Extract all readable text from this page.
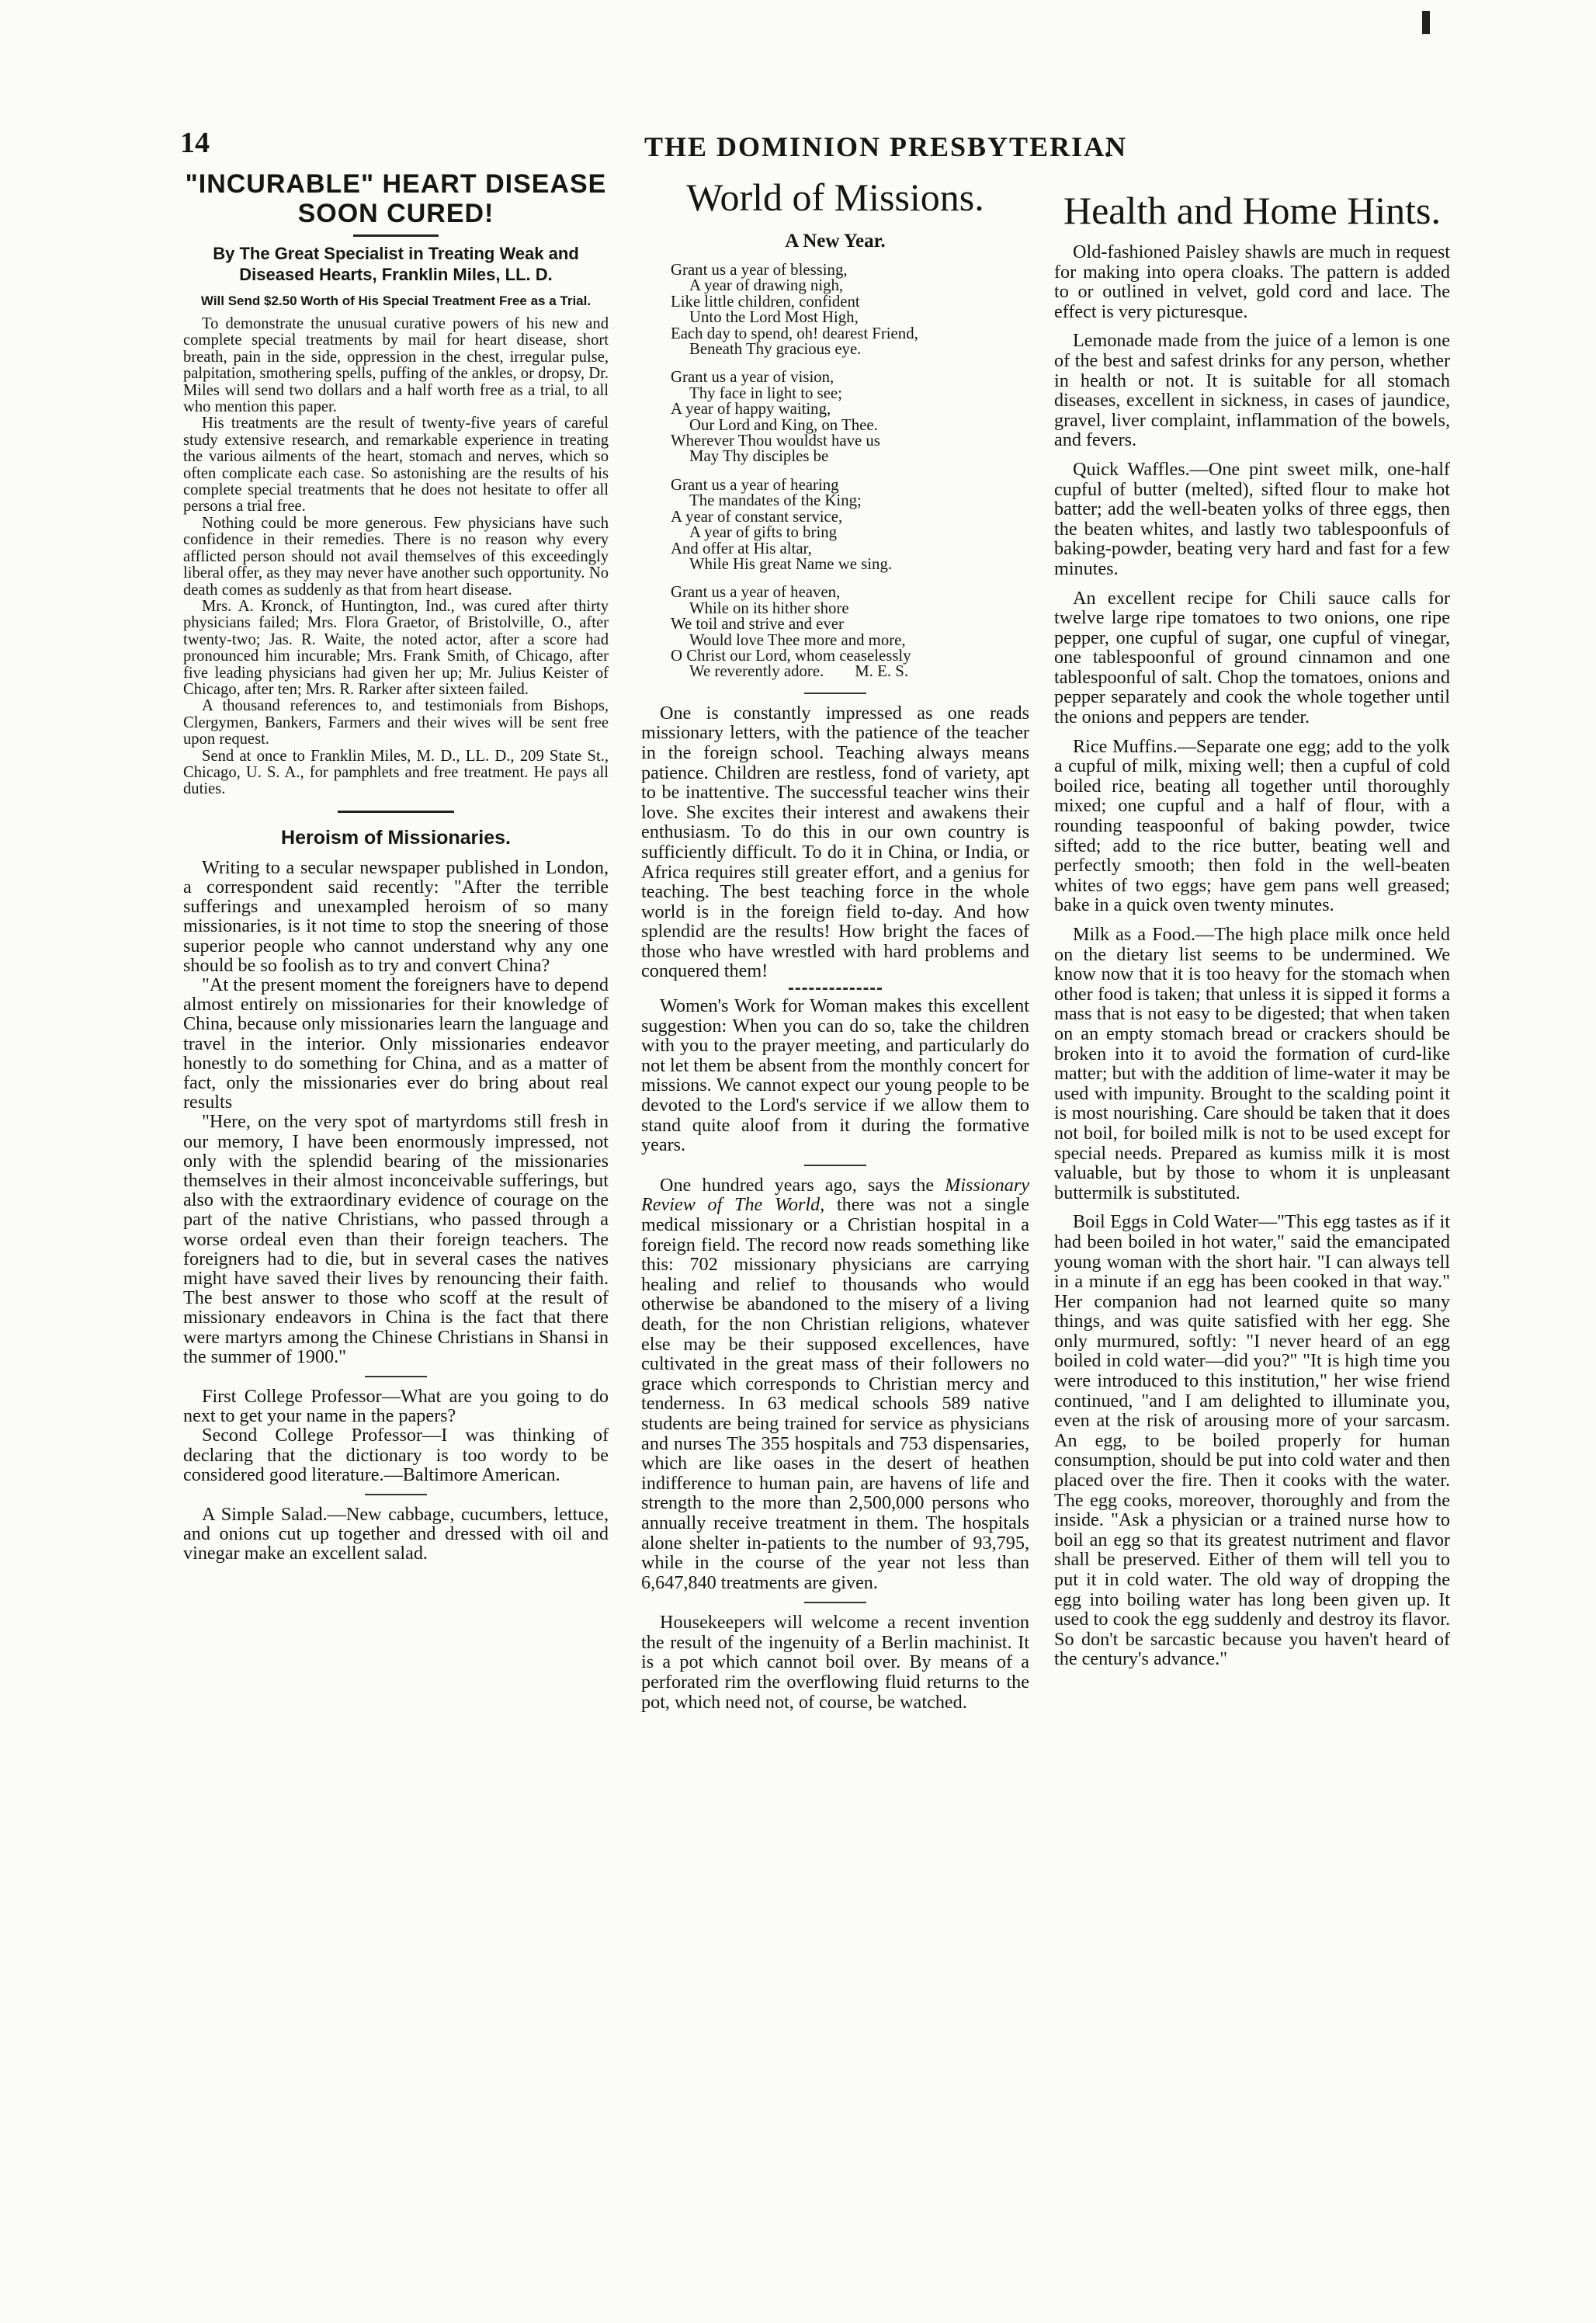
14	THE DOMINION PRESBYTERIAN
"INCURABLE" HEART DISEASE SOON CURED!
By The Great Specialist in Treating Weak and Diseased Hearts, Franklin Miles, LL. D.
Will Send $2.50 Worth of His Special Treatment Free as a Trial.

To demonstrate the unusual curative powers of his new and complete special treatments by mail for heart disease, short breath, pain in the side, oppression in the chest, irregular pulse, palpitation, smothering spells, puffing of the ankles, or dropsy, Dr. Miles will send two dollars and a half worth free as a trial, to all who mention this paper.

His treatments are the result of twenty-five years of careful study extensive research, and remarkable experience in treating the various ailments of the heart, stomach and nerves, which so often complicate each case. So astonishing are the results of his complete special treatments that he does not hesitate to offer all persons a trial free.

Nothing could be more generous. Few physicians have such confidence in their remedies. There is no reason why every afflicted person should not avail themselves of this exceedingly liberal offer, as they may never have another such opportunity. No death comes as suddenly as that from heart disease.

Mrs. A. Kronck, of Huntington, Ind., was cured after thirty physicians failed; Mrs. Flora Graetor, of Bristolville, O., after twenty-two; Jas. R. Waite, the noted actor, after a score had pronounced him incurable; Mrs. Frank Smith, of Chicago, after five leading physicians had given her up; Mr. Julius Keister of Chicago, after ten; Mrs. R. Rarker after sixteen failed.

A thousand references to, and testimonials from Bishops, Clergymen, Bankers, Farmers and their wives will be sent free upon request.

Send at once to Franklin Miles, M. D., LL. D., 209 State St., Chicago, U. S. A., for pamphlets and free treatment. He pays all duties.

Heroism of Missionaries.

Writing to a secular newspaper published in London, a correspondent said recently: "After the terrible sufferings and unexampled heroism of so many missionaries, is it not time to stop the sneering of those superior people who cannot understand why any one should be so foolish as to try and convert China?

"At the present moment the foreigners have to depend almost entirely on missionaries for their knowledge of China, because only missionaries learn the language and travel in the interior. Only missionaries endeavor honestly to do something for China, and as a matter of fact, only the missionaries ever do bring about real results

"Here, on the very spot of martyrdoms still fresh in our memory, I have been enormously impressed, not only with the splendid bearing of the missionaries themselves in their almost inconceivable sufferings, but also with the extraordinary evidence of courage on the part of the native Christians, who passed through a worse ordeal even than their foreign teachers. The foreigners had to die, but in several cases the natives might have saved their lives by renouncing their faith. The best answer to those who scoff at the result of missionary endeavors in China is the fact that there were martyrs among the Chinese Christians in Shansi in the summer of 1900."

First College Professor—What are you going to do next to get your name in the papers?

Second College Professor—I was thinking of declaring that the dictionary is too wordy to be considered good literature.—Baltimore American.

A Simple Salad.—New cabbage, cucumbers, lettuce, and onions cut up together and dressed with oil and vinegar make an excellent salad.

World of Missions.
A New Year.

Grant us a year of blessing,

A year of drawing nigh,

Like little children, confident

Unto the Lord Most High,

Each day to spend, oh! dearest Friend,

Beneath Thy gracious eye.

Grant us a year of vision,

Thy face in light to see;

A year of happy waiting,

Our Lord and King, on Thee.

Wherever Thou wouldst have us

May Thy disciples be

Grant us a year of hearing

The mandates of the King;

A year of constant service,

A year of gifts to bring

And offer at His altar,

While His great Name we sing.

Grant us a year of heaven,

While on its hither shore

We toil and strive and ever

Would love Thee more and more,

O Christ our Lord, whom ceaselessly

We reverently adore. M. E. S.

One is constantly impressed as one reads missionary letters, with the patience of the teacher in the foreign school. Teaching always means patience. Children are restless, fond of variety, apt to be inattentive. The successful teacher wins their love. She excites their interest and awakens their enthusiasm. To do this in our own country is sufficiently difficult. To do it in China, or India, or Africa requires still greater effort, and a genius for teaching. The best teaching force in the whole world is in the foreign field to-day. And how splendid are the results! How bright the faces of those who have wrestled with hard problems and conquered them!

Women's Work for Woman makes this excellent suggestion: When you can do so, take the children with you to the prayer meeting, and particularly do not let them be absent from the monthly concert for missions. We cannot expect our young people to be devoted to the Lord's service if we allow them to stand quite aloof from it during the formative years.

One hundred years ago, says the Missionary Review of The World, there was not a single medical missionary or a Christian hospital in a foreign field. The record now reads something like this: 702 missionary physicians are carrying healing and relief to thousands who would otherwise be abandoned to the misery of a living death, for the non Christian religions, whatever else may be their supposed excellences, have cultivated in the great mass of their followers no grace which corresponds to Christian mercy and tenderness. In 63 medical schools 589 native students are being trained for service as physicians and nurses The 355 hospitals and 753 dispensaries, which are like oases in the desert of heathen indifference to human pain, are havens of life and strength to the more than 2,500,000 persons who annually receive treatment in them. The hospitals alone shelter in-patients to the number of 93,795, while in the course of the year not less than 6,647,840 treatments are given.

Housekeepers will welcome a recent invention the result of the ingenuity of a Berlin machinist. It is a pot which cannot boil over. By means of a perforated rim the overflowing fluid returns to the pot, which need not, of course, be watched.

Health and Home Hints.

Old-fashioned Paisley shawls are much in request for making into opera cloaks. The pattern is added to or outlined in velvet, gold cord and lace. The effect is very picturesque.

Lemonade made from the juice of a lemon is one of the best and safest drinks for any person, whether in health or not. It is suitable for all stomach diseases, excellent in sickness, in cases of jaundice, gravel, liver complaint, inflammation of the bowels, and fevers.

Quick Waffles.—One pint sweet milk, one-half cupful of butter (melted), sifted flour to make hot batter; add the well-beaten yolks of three eggs, then the beaten whites, and lastly two tablespoonfuls of baking-powder, beating very hard and fast for a few minutes.

An excellent recipe for Chili sauce calls for twelve large ripe tomatoes to two onions, one ripe pepper, one cupful of sugar, one cupful of vinegar, one tablespoonful of ground cinnamon and one tablespoonful of salt. Chop the tomatoes, onions and pepper separately and cook the whole together until the onions and peppers are tender.

Rice Muffins.—Separate one egg; add to the yolk a cupful of milk, mixing well; then a cupful of cold boiled rice, beating all together until thoroughly mixed; one cupful and a half of flour, with a rounding teaspoonful of baking powder, twice sifted; add to the rice butter, beating well and perfectly smooth; then fold in the well-beaten whites of two eggs; have gem pans well greased; bake in a quick oven twenty minutes.

Milk as a Food.—The high place milk once held on the dietary list seems to be undermined. We know now that it is too heavy for the stomach when other food is taken; that unless it is sipped it forms a mass that is not easy to be digested; that when taken on an empty stomach bread or crackers should be broken into it to avoid the formation of curd-like matter; but with the addition of lime-water it may be used with impunity. Brought to the scalding point it is most nourishing. Care should be taken that it does not boil, for boiled milk is not to be used except for special needs. Prepared as kumiss milk it is most valuable, but by those to whom it is unpleasant buttermilk is substituted.

Boil Eggs in Cold Water—"This egg tastes as if it had been boiled in hot water," said the emancipated young woman with the short hair. "I can always tell in a minute if an egg has been cooked in that way." Her companion had not learned quite so many things, and was quite satisfied with her egg. She only murmured, softly: "I never heard of an egg boiled in cold water—did you?" "It is high time you were introduced to this institution," her wise friend continued, "and I am delighted to illuminate you, even at the risk of arousing more of your sarcasm. An egg, to be boiled properly for human consumption, should be put into cold water and then placed over the fire. Then it cooks with the water. The egg cooks, moreover, thoroughly and from the inside. "Ask a physician or a trained nurse how to boil an egg so that its greatest nutriment and flavor shall be preserved. Either of them will tell you to put it in cold water. The old way of dropping the egg into boiling water has long been given up. It used to cook the egg suddenly and destroy its flavor. So don't be sarcastic because you haven't heard of the century's advance."
